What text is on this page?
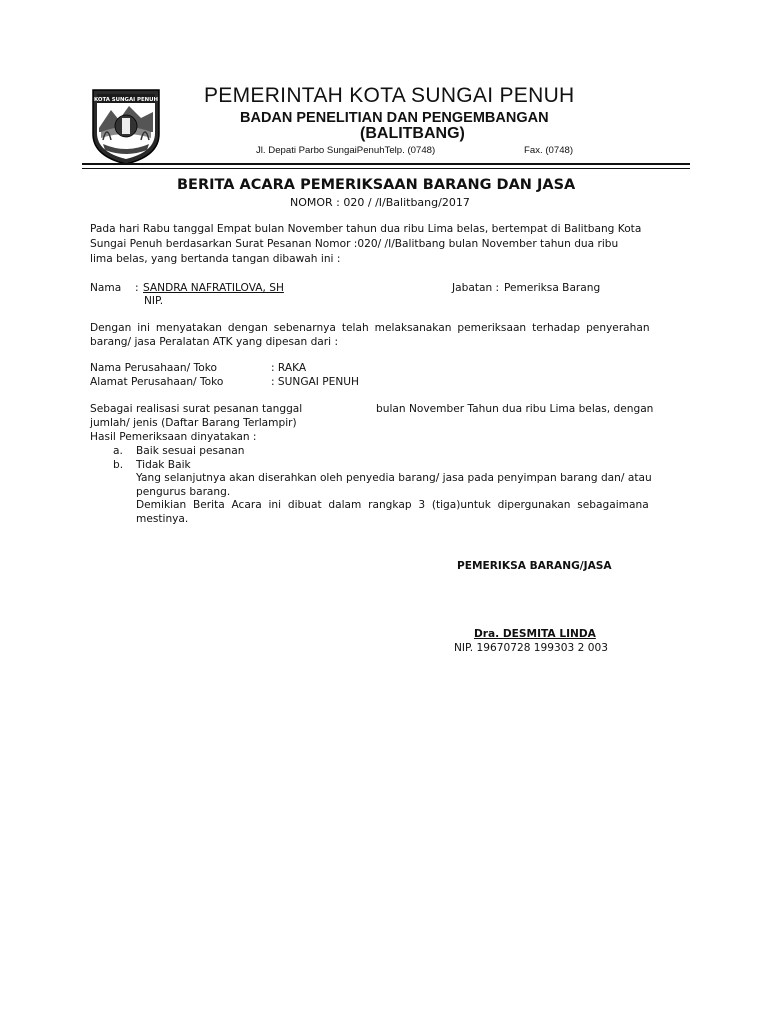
KOTA SUNGAI PENUH PEMERINTAH KOTA SUNGAI PENUH
BADAN PENELITIAN DAN PENGEMBANGAN
(BALITBANG)
Jl. Depati Parbo SungaiPenuhTelp. (0748)	Fax. (0748)
BERITA ACARA PEMERIKSAAN BARANG DAN JASA
NOMOR : 020 / /I/Balitbang/2017
Pada hari Rabu tanggal Empat bulan November tahun dua ribu Lima belas, bertempat di Balitbang Kota
Sungai Penuh berdasarkan Surat Pesanan Nomor :020/ /I/Balitbang bulan November tahun dua ribu
lima belas, yang bertanda tangan dibawah ini :
Nama : SANDRA NAFRATILOVA, SH
NIP.
Jabatan : Pemeriksa Barang
Dengan ini menyatakan dengan sebenarnya telah melaksanakan pemeriksaan terhadap penyerahan
barang/ jasa Peralatan ATK yang dipesan dari :
Nama Perusahaan/ Toko	: RAKA
Alamat Perusahaan/ Toko	: SUNGAI PENUH
Sebagai realisasi surat pesanan tanggal	bulan November Tahun dua ribu Lima belas, dengan
jumlah/ jenis (Daftar Barang Terlampir)
Hasil Pemeriksaan dinyatakan :
a. Baik sesuai pesanan
b. Tidak Baik
Yang selanjutnya akan diserahkan oleh penyedia barang/ jasa pada penyimpan barang dan/ atau
pengurus barang.
Demikian Berita Acara ini dibuat dalam rangkap 3 (tiga)untuk dipergunakan sebagaimana
mestinya.
PEMERIKSA BARANG/JASA
Dra. DESMITA LINDA
NIP. 19670728 199303 2 003
